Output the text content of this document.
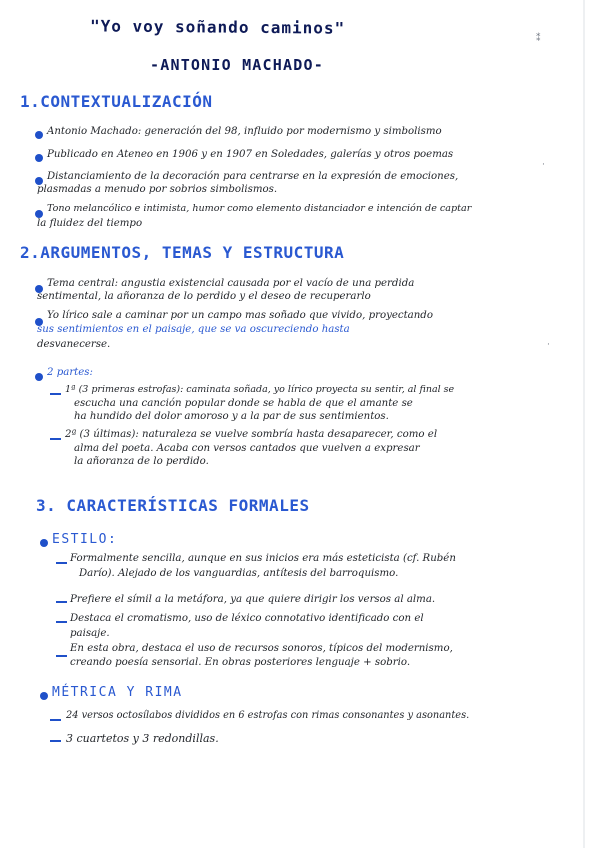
"Yo voy soñando caminos"
-ANTONIO MACHADO-
1.CONTEXTUALIZACIÓN
Antonio Machado: generación del 98, influido por modernismo y simbolismo
Publicado en Ateneo en 1906 y en 1907 en Soledades, galerías y otros poemas
Distanciamiento de la decoración para centrarse en la expresión de emociones,
plasmadas a menudo por sobrios simbolismos.
Tono melancólico e intimista, humor como elemento distanciador e intención de captar
la fluidez del tiempo
2.ARGUMENTOS, TEMAS Y ESTRUCTURA
Tema central: angustia existencial causada por el vacío de una perdida
sentimental, la añoranza de lo perdido y el deseo de recuperarlo
Yo lírico sale a caminar por un campo mas soñado que vivido, proyectando
sus sentimientos en el paisaje, que se va oscureciendo hasta
desvanecerse.
2 partes:
1ª (3 primeras estrofas): caminata soñada, yo lírico proyecta su sentir, al final se
escucha una canción popular donde se habla de que el amante se
ha hundido del dolor amoroso y a la par de sus sentimientos.
2ª (3 últimas): naturaleza se vuelve sombría hasta desaparecer, como el
alma del poeta. Acaba con versos cantados que vuelven a expresar
la añoranza de lo perdido.
3. CARACTERÍSTICAS FORMALES
ESTILO:
Formalmente sencilla, aunque en sus inicios era más esteticista (cf. Rubén
Darío). Alejado de los vanguardias, antítesis del barroquismo.
Prefiere el símil a la metáfora, ya que quiere dirigir los versos al alma.
Destaca el cromatismo, uso de léxico connotativo identificado con el
paisaje.
En esta obra, destaca el uso de recursos sonoros, típicos del modernismo,
creando poesía sensorial. En obras posteriores lenguaje + sobrio.
MÉTRICA Y RIMA
24 versos octosílabos divididos en 6 estrofas con rimas consonantes y asonantes.
3 cuartetos y 3 redondillas.
⁑
·
·
